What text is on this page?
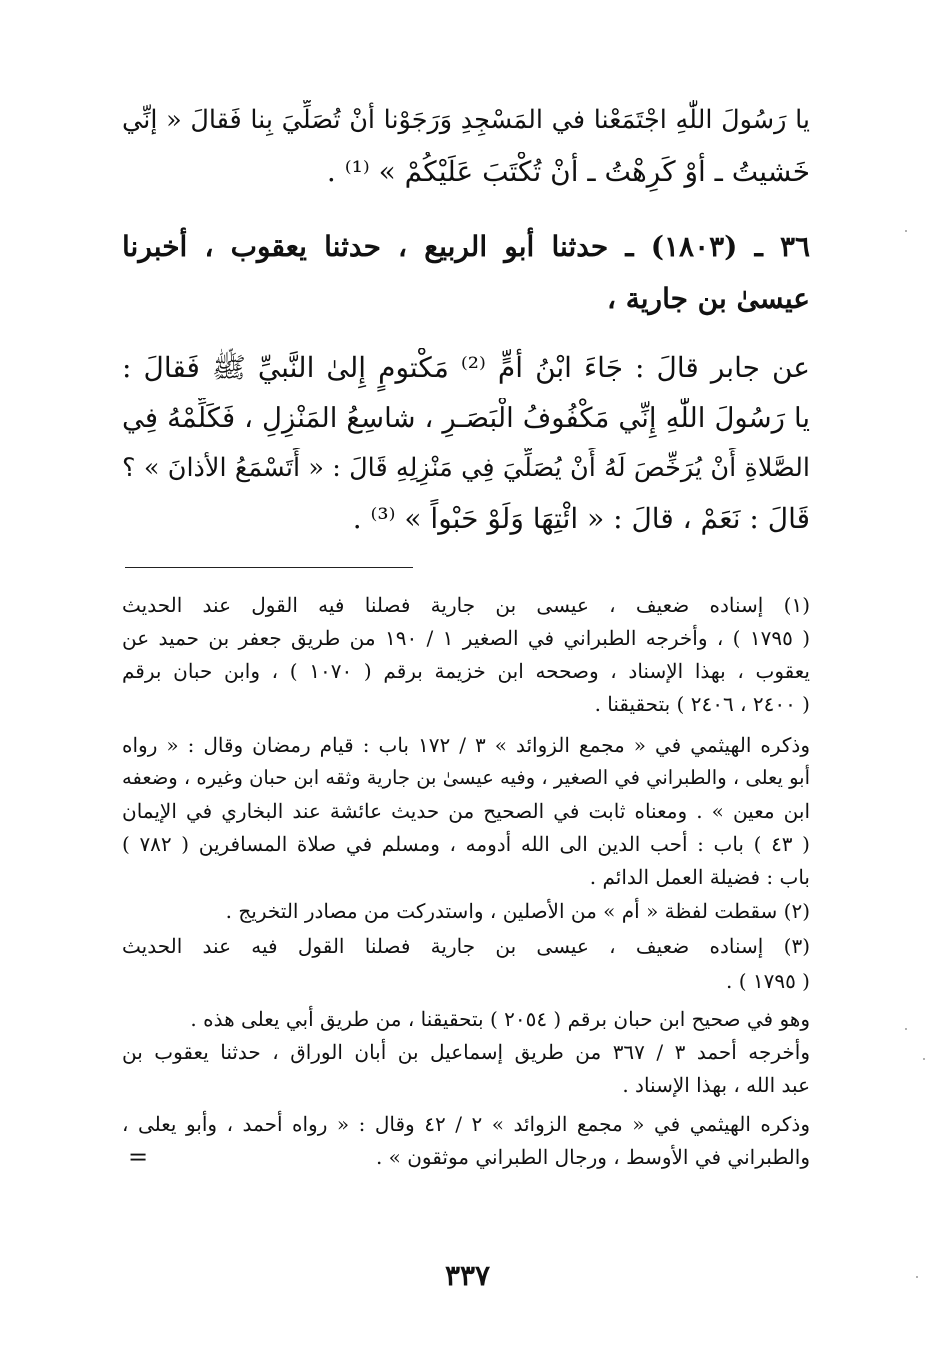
يا رَسُولَ اللّٰهِ اجْتَمَعْنا في المَسْجِدِ وَرَجَوْنا أنْ تُصَلِّيَ بِنا فَقالَ « إنِّي
خَشيتُ ـ أوْ كَرِهْتُ ـ أنْ تُكْتَبَ عَلَيْكُمْ » ⁽¹⁾ .
٣٦ ـ (١٨٠٣) ـ حدثنا أبو الربيع ، حدثنا يعقوب ، أخبرنا
عيسىٰ بن جارية ،
عن جابر قالَ : جَاءَ ابْنُ أُمٍّ ⁽²⁾ مَكْتومٍ إِلىٰ النَّبيِّ ﷺ فَقالَ :
يا رَسُولَ اللّٰهِ إِنِّي مَكْفُوفُ الْبَصَـرِ ، شاسِعُ المَنْزِلِ ، فَكَلِّمْهُ فِي
الصَّلاةِ أَنْ يُرَخِّصَ لَهُ أَنْ يُصَلِّيَ فِي مَنْزِلِهِ قَالَ : « أَتَسْمَعُ الأذانَ » ؟
قَالَ : نَعَمْ ، قالَ : « ائْتِهَا وَلَوْ حَبْواً » ⁽³⁾ .
(١) إسناده ضعيف ، عيسى بن جارية فصلنا فيه القول عند الحديث
( ١٧٩٥ ) ، وأخرجه الطبراني في الصغير ١ / ١٩٠ من طريق جعفر بن حميد عن
يعقوب ، بهذا الإسناد ، وصححه ابن خزيمة برقم ( ١٠٧٠ ) ، وابن حبان برقم
( ٢٤٠٠ ، ٢٤٠٦ ) بتحقيقنا .
وذكره الهيثمي في « مجمع الزوائد » ٣ / ١٧٢ باب : قيام رمضان وقال : « رواه
أبو يعلى ، والطبراني في الصغير ، وفيه عيسىٰ بن جارية وثقه ابن حبان وغيره ، وضعفه
ابن معين » . ومعناه ثابت في الصحيح من حديث عائشة عند البخاري في الإيمان
( ٤٣ ) باب : أحب الدين الى الله أدومه ، ومسلم في صلاة المسافرين ( ٧٨٢ )
باب : فضيلة العمل الدائم .
(٢) سقطت لفظة « أم » من الأصلين ، واستدركت من مصادر التخريج .
(٣) إسناده ضعيف ، عيسى بن جارية فصلنا القول فيه عند الحديث
( ١٧٩٥ ) .
وهو في صحيح ابن حبان برقم ( ٢٠٥٤ ) بتحقيقنا ، من طريق أبي يعلى هذه .
وأخرجه أحمد ٣ / ٣٦٧ من طريق إسماعيل بن أبان الوراق ، حدثنا يعقوب بن
عبد الله ، بهذا الإسناد .
وذكره الهيثمي في « مجمع الزوائد » ٢ / ٤٢ وقال : « رواه أحمد ، وأبو يعلى ،
والطبراني في الأوسط ، ورجال الطبراني موثقون » .
=
٣٣٧
